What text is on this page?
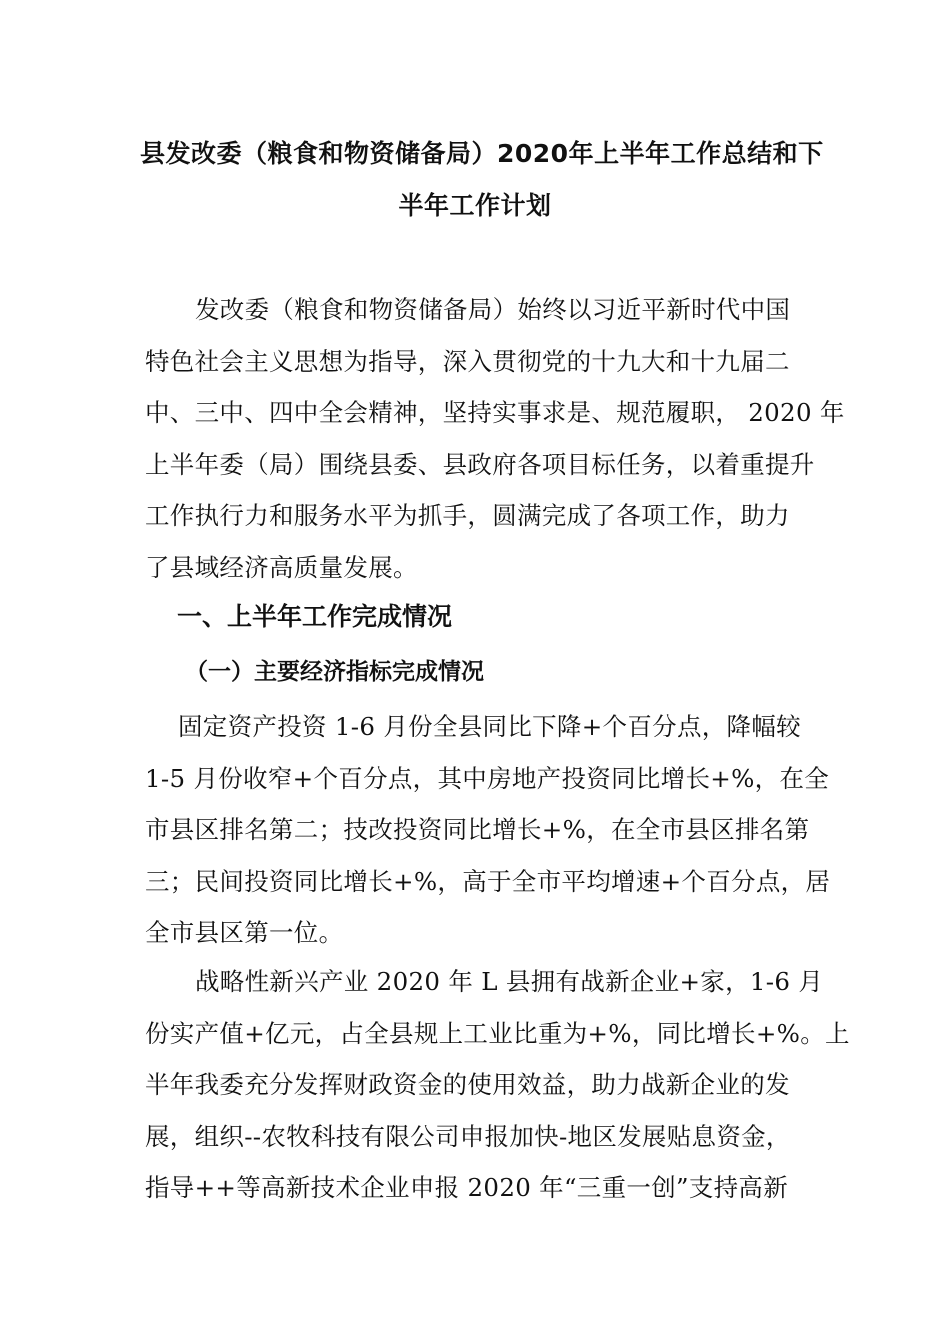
县发改委（粮食和物资储备局）2020年上半年工作总结和下
半年工作计划
发改委（粮食和物资储备局）始终以习近平新时代中国
特色社会主义思想为指导，深入贯彻党的十九大和十九届二
中、三中、四中全会精神，坚持实事求是、规范履职， 2020 年
上半年委（局）围绕县委、县政府各项目标任务，以着重提升
工作执行力和服务水平为抓手，圆满完成了各项工作，助力
了县域经济高质量发展。
一、上半年工作完成情况
（一）主要经济指标完成情况
固定资产投资 1-6 月份全县同比下降+个百分点，降幅较
1-5 月份收窄+个百分点，其中房地产投资同比增长+%，在全
市县区排名第二；技改投资同比增长+%，在全市县区排名第
三；民间投资同比增长+%，高于全市平均增速+个百分点，居
全市县区第一位。
战略性新兴产业 2020 年 L 县拥有战新企业+家，1-6 月
份实产值+亿元，占全县规上工业比重为+%，同比增长+%。上
半年我委充分发挥财政资金的使用效益，助力战新企业的发
展，组织--农牧科技有限公司申报加快-地区发展贴息资金，
指导++等高新技术企业申报 2020 年“三重一创”支持高新
